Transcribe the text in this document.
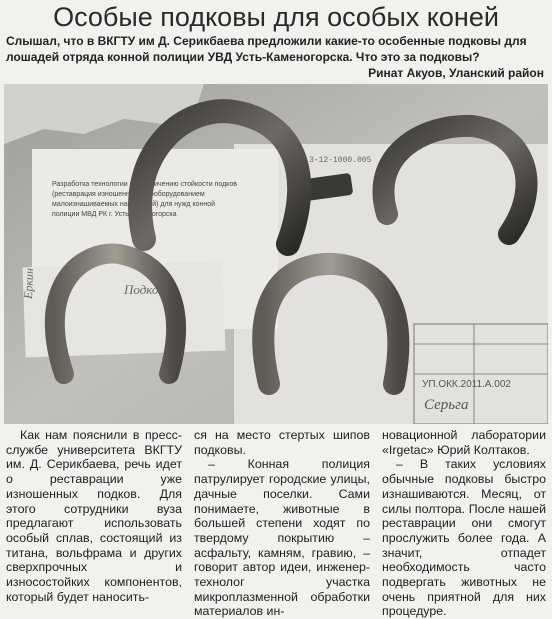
Особые подковы для особых коней
Слышал, что в ВКГТУ им Д. Серикбаева предложили какие-то особенные подковы для лошадей отряда конной полиции УВД Усть-Каменогорска. Что это за подковы?
Ринат Акуов, Уланский район
УП.ОКК.2011.А.002
Серьга
3-12-1000.005
Разработка технологии по увеличению стойкости подков
(реставрация изношенных с дооборудованием
малоизнашиваемых напылений) для нужд конной
полиции МВД РК г. Усть-Каменогорска
Еркин	Подкова

Как нам пояснили в пресс-службе университета ВКГТУ им. Д. Серикбаева, речь идет о реставрации уже изношенных подков. Для этого сотрудники вуза предлагают использовать особый сплав, состоящий из титана, вольфрама и других сверхпрочных и износостойких компонентов, который будет наносить-

ся на место стертых шипов подковы.

– Конная полиция патрулирует городские улицы, дачные поселки. Сами понимаете, животные в большей степени ходят по твердому покрытию – асфальту, камням, гравию, – говорит автор идеи, инженер-технолог участка микроплазменной обработки материалов ин-

новационной лаборатории «Irgetac» Юрий Колтаков.

– В таких условиях обычные подковы быстро изнашиваются. Месяц, от силы полтора. После нашей реставрации они смогут прослужить более года. А значит, отпадет необходимость часто подвергать животных не очень приятной для них процедуре.
